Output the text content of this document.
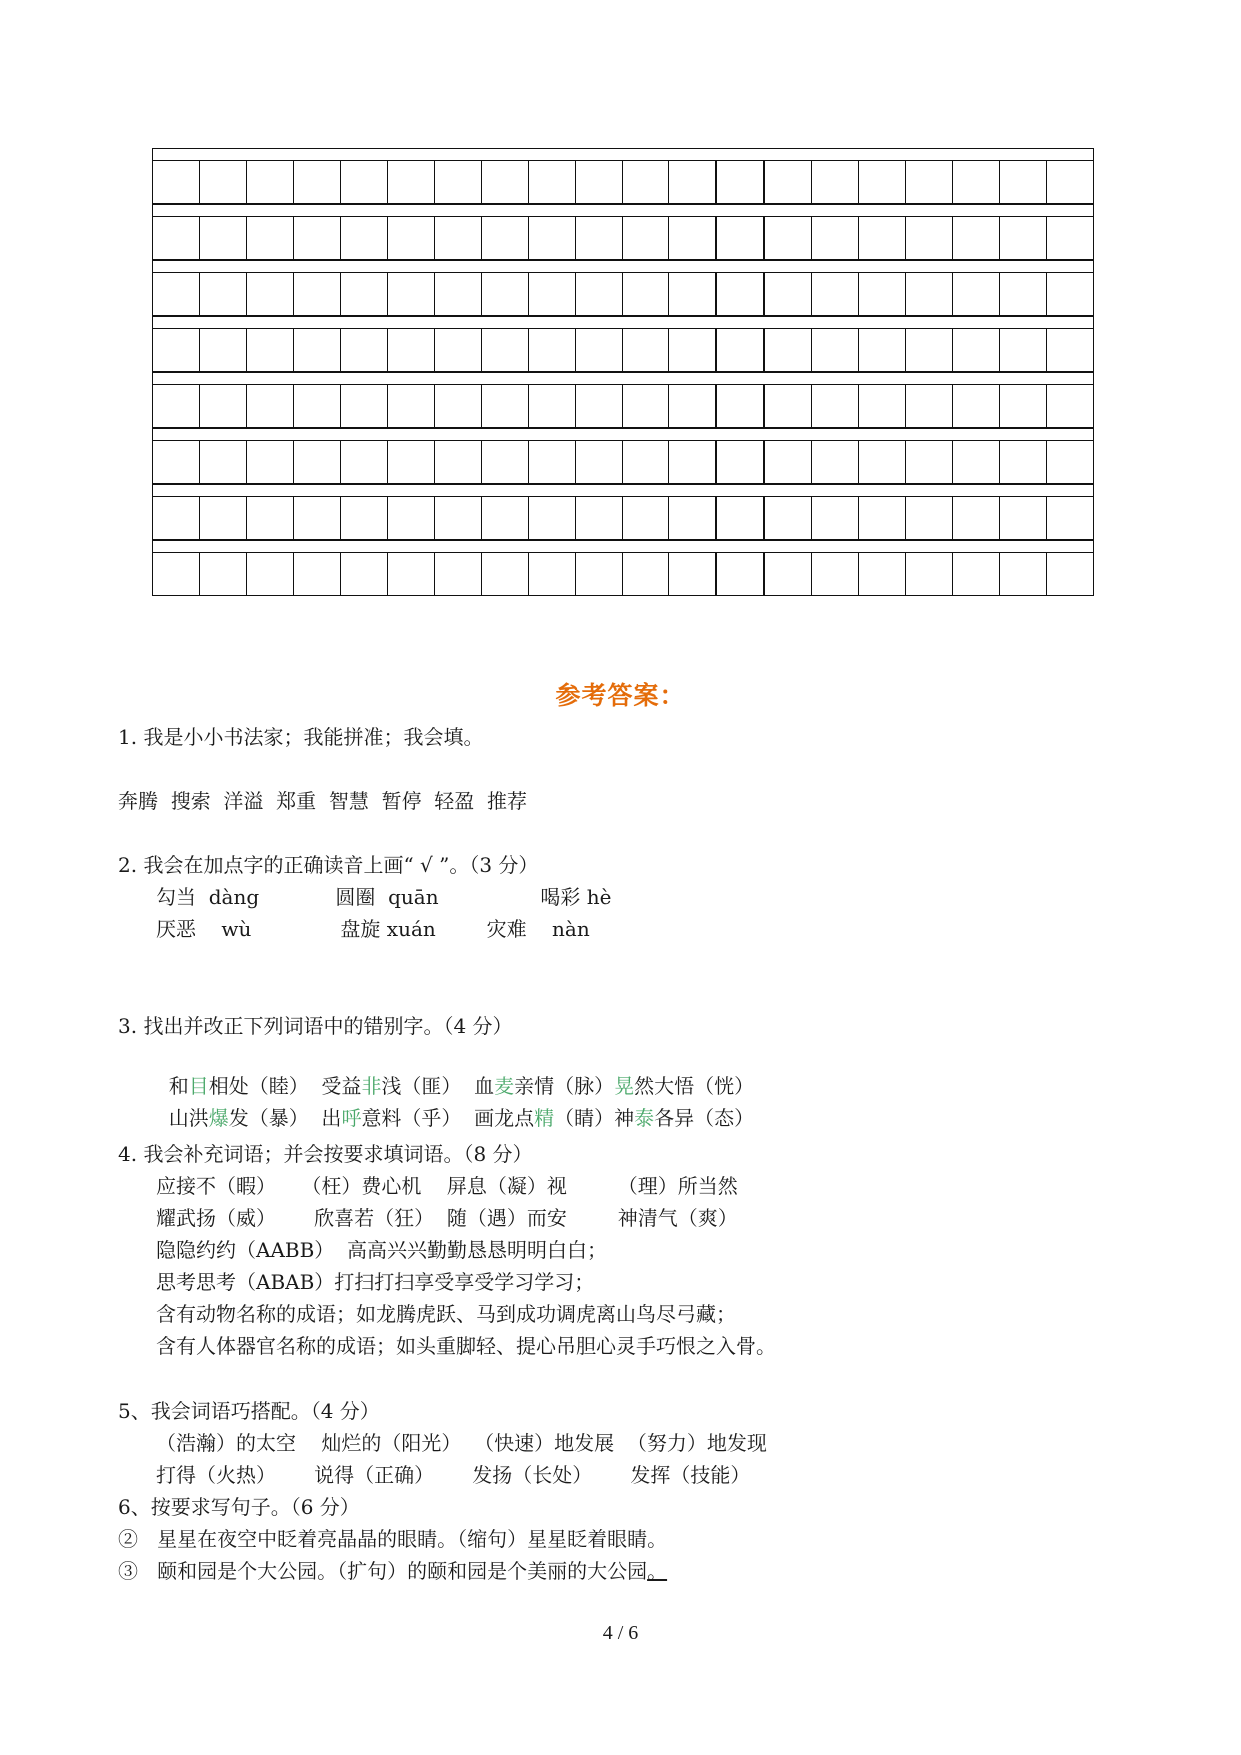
参考答案：
1. 我是小小书法家；我能拼准；我会填。
奔腾  搜索  洋溢  郑重  智慧  暂停  轻盈  推荐
2. 我会在加点字的正确读音上画“ √ ”。（3 分）
勾当  dàng            圆圈  quān                喝彩 hè
厌恶    wù              盘旋 xuán        灾难    nàn
3. 找出并改正下列词语中的错别字。（4 分）

和目相处（睦）  受益非浅（匪）  血麦亲情（脉）晃然大悟（恍）

山洪爆发（暴）  出呼意料（乎）  画龙点精（睛）神泰各异（态）

4. 我会补充词语；并会按要求填词语。（8 分）
应接不（暇）    （枉）费心机    屏息（凝）视        （理）所当然
耀武扬（威）      欣喜若（狂）  随（遇）而安        神清气（爽）
隐隐约约（AABB）  高高兴兴勤勤恳恳明明白白；
思考思考（ABAB）打扫打扫享受享受学习学习；
含有动物名称的成语；如龙腾虎跃、马到成功调虎离山鸟尽弓藏；
含有人体器官名称的成语；如头重脚轻、提心吊胆心灵手巧恨之入骨。
5、我会词语巧搭配。（4 分）
（浩瀚）的太空    灿烂的（阳光）  （快速）地发展  （努力）地发现
打得（火热）      说得（正确）      发扬（长处）      发挥（技能）
6、按要求写句子。（6 分）
②   星星在夜空中眨着亮晶晶的眼睛。（缩句）星星眨着眼睛。
③   颐和园是个大公园。（扩句）的颐和园是个美丽的大公园。
4 / 6
